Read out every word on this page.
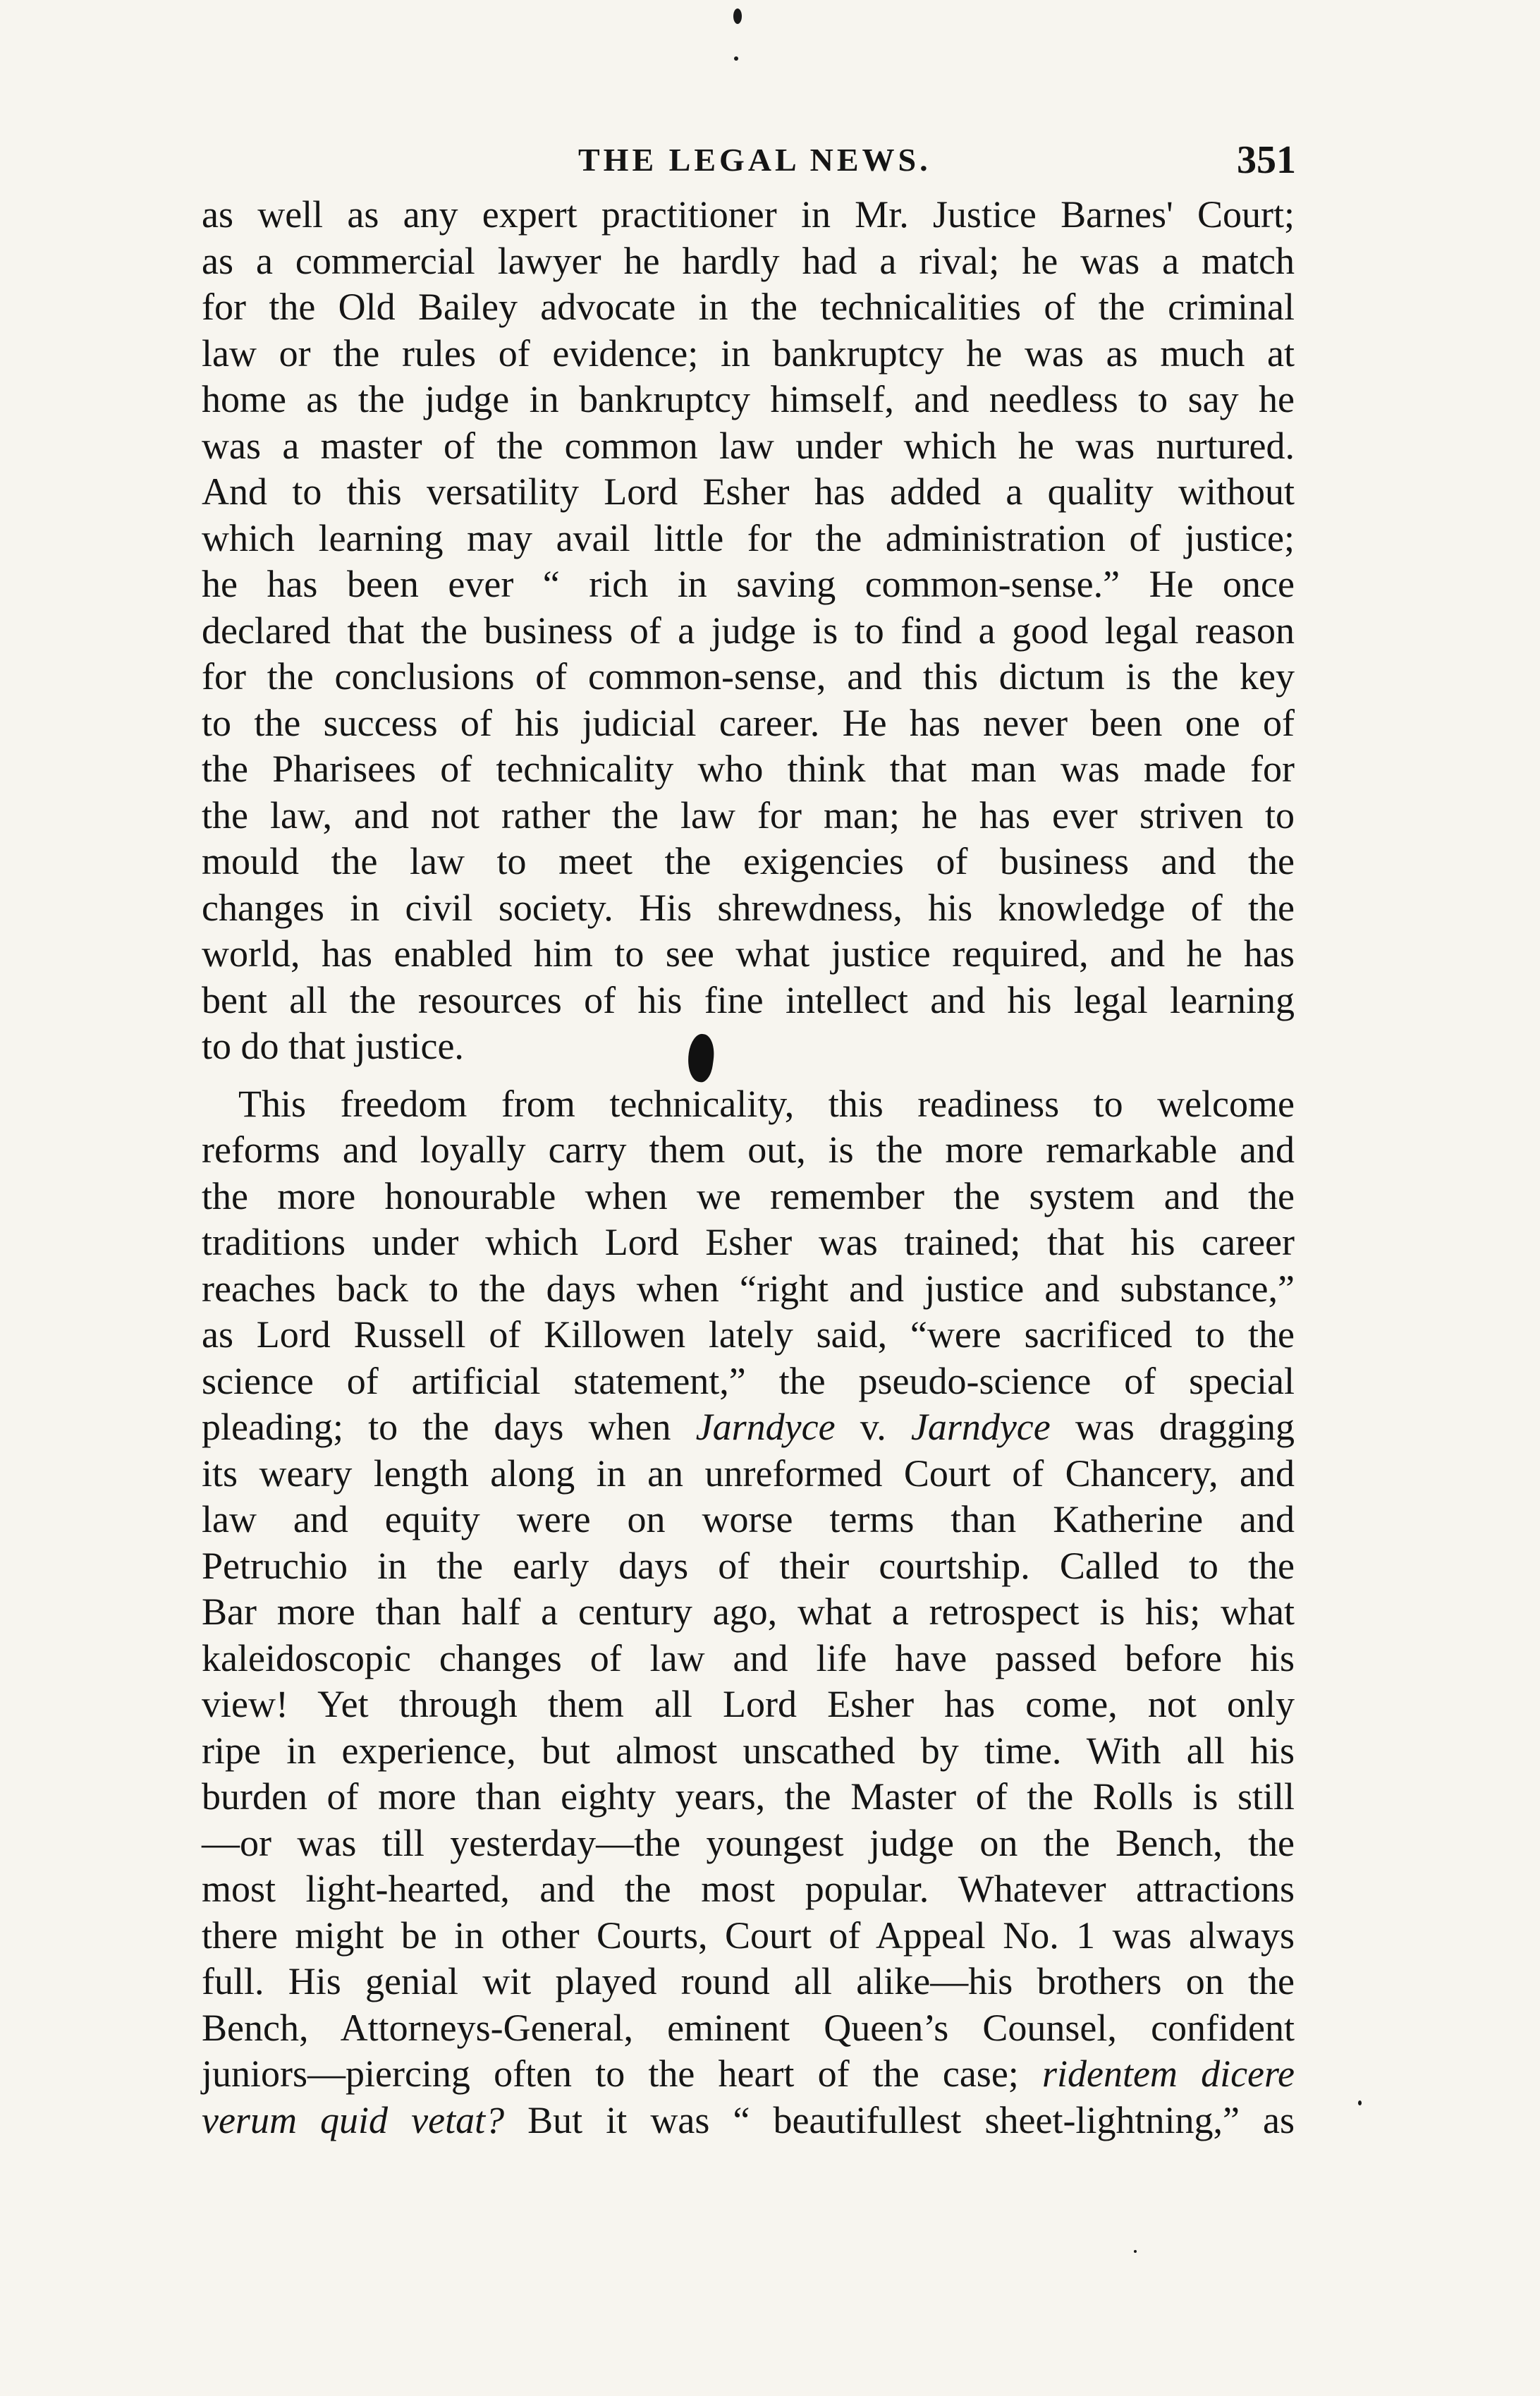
THE LEGAL NEWS.	351
as well as any expert practitioner in Mr. Justice Barnes' Court;
as a commercial lawyer he hardly had a rival; he was a match
for the Old Bailey advocate in the technicalities of the criminal
law or the rules of evidence; in bankruptcy he was as much at
home as the judge in bankruptcy himself, and needless to say he
was a master of the common law under which he was nurtured.
And to this versatility Lord Esher has added a quality without
which learning may avail little for the administration of justice;
he has been ever “ rich in saving common-sense.” He once
declared that the business of a judge is to find a good legal reason
for the conclusions of common-sense, and this dictum is the key
to the success of his judicial career. He has never been one of
the Pharisees of technicality who think that man was made for
the law, and not rather the law for man; he has ever striven to
mould the law to meet the exigencies of business and the
changes in civil society. His shrewdness, his knowledge of the
world, has enabled him to see what justice required, and he has
bent all the resources of his fine intellect and his legal learning
to do that justice.
This freedom from technicality, this readiness to welcome
reforms and loyally carry them out, is the more remarkable and
the more honourable when we remember the system and the
traditions under which Lord Esher was trained; that his career
reaches back to the days when “right and justice and substance,”
as Lord Russell of Killowen lately said, “were sacrificed to the
science of artificial statement,” the pseudo-science of special
pleading; to the days when Jarndyce v. Jarndyce was dragging
its weary length along in an unreformed Court of Chancery, and
law and equity were on worse terms than Katherine and
Petruchio in the early days of their courtship. Called to the
Bar more than half a century ago, what a retrospect is his; what
kaleidoscopic changes of law and life have passed before his
view! Yet through them all Lord Esher has come, not only
ripe in experience, but almost unscathed by time. With all his
burden of more than eighty years, the Master of the Rolls is still
—or was till yesterday—the youngest judge on the Bench, the
most light-hearted, and the most popular. Whatever attractions
there might be in other Courts, Court of Appeal No. 1 was always
full. His genial wit played round all alike—his brothers on the
Bench, Attorneys-General, eminent Queen’s Counsel, confident
juniors—piercing often to the heart of the case; ridentem dicere
verum quid vetat? But it was “ beautifullest sheet-lightning,” as
